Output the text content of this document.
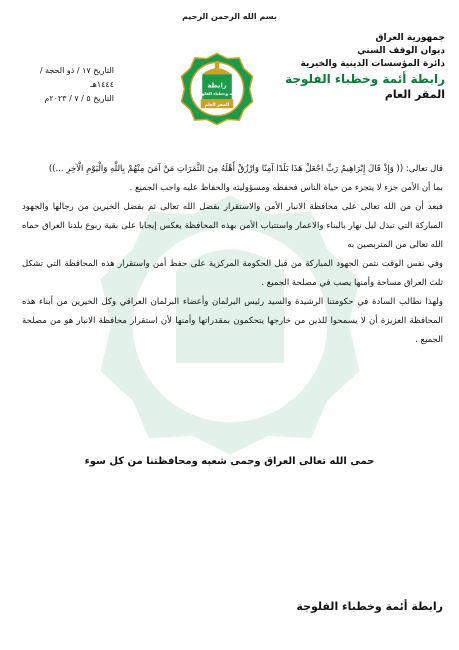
بسم الله الرحمن الرحيم
جمهورية العراق
ديوان الوقف السني
دائرة المؤسسات الدينية والخيرية
رابطة أئمة وخطباء الفلوجة
المقر العام
رابطة
أئمة وخطباء الفلوجة
المقر العام
التاريخ ١٧ / ذو الحجة / ١٤٤٤هـ
التاريخ ٥ / ٧ / ٢٠٢٣م

قال تعالى: (( وَإِذْ قَالَ إِبْرَاهِيمُ رَبِّ اجْعَلْ هَذَا بَلَدًا آمِنًا وَارْزُقْ أَهْلَهُ مِنَ الثَّمَرَاتِ مَنْ آمَنَ مِنْهُمْ بِاللَّهِ وَالْيَوْمِ الْآخِرِ ...))

بما أن الأمن جزء لا يتجزء من حياة الناس فحفظه ومسؤوليته والحفاظ عليه واجب الجميع .

فبعد أن من الله تعالى على محافظة الانبار الأمن والاستقرار بفضل الله تعالى ثم بفضل الخيرين من رجالها والجهود المباركة التي تبذل ليل نهار بالبناء والاعمار واستتباب الأمن بهذه المحافظة يعكس إيجابا على بقية ربوع بلدنا العراق حماه الله تعالى من المتربصين به

وفي نفس الوقت نثمن الجهود المباركة من قبل الحكومة المركزية على حفظ أمن واستقرار هذه المحافظة التي تشكل ثلث العراق مساحة وأمنها يصب في مصلحة الجميع .

ولهذا نطالب السادة في حكومتنا الرشيدة والسيد رئيس البرلمان وأعضاء البرلمان العراقي وكل الخيرين من أبناء هذه المحافظة العزيزة أن لا يسمحوا للذين من خارجها يتحكمون بمقدراتها وأمنها لأن استقرار محافظة الانبار هو من مصلحة الجميع .

حمى الله تعالى العراق وحمى شعبه ومحافظتنا من كل سوء
رابطة أئمة وخطباء الفلوجة
